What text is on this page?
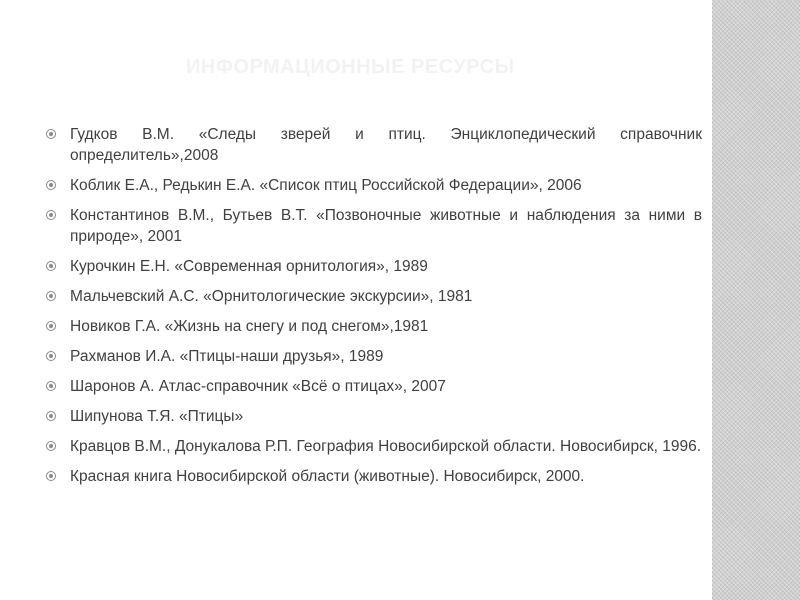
ИНФОРМАЦИОННЫЕ РЕСУРСЫ
Гудков В.М. «Следы зверей и птиц. Энциклопедический справочник определитель»,2008
Коблик Е.А., Редькин Е.А. «Список птиц Российской Федерации», 2006
Константинов В.М., Бутьев В.Т. «Позвоночные животные и наблюдения за ними в природе», 2001
Курочкин Е.Н. «Современная орнитология», 1989
Мальчевский А.С. «Орнитологические экскурсии», 1981
Новиков Г.А. «Жизнь на снегу и под снегом»,1981
Рахманов И.А. «Птицы-наши друзья», 1989
Шаронов А. Атлас-справочник «Всё о птицах», 2007
Шипунова Т.Я. «Птицы»
Кравцов В.М., Донукалова Р.П. География Новосибирской области. Новосибирск, 1996.
Красная книга Новосибирской области (животные). Новосибирск, 2000.
